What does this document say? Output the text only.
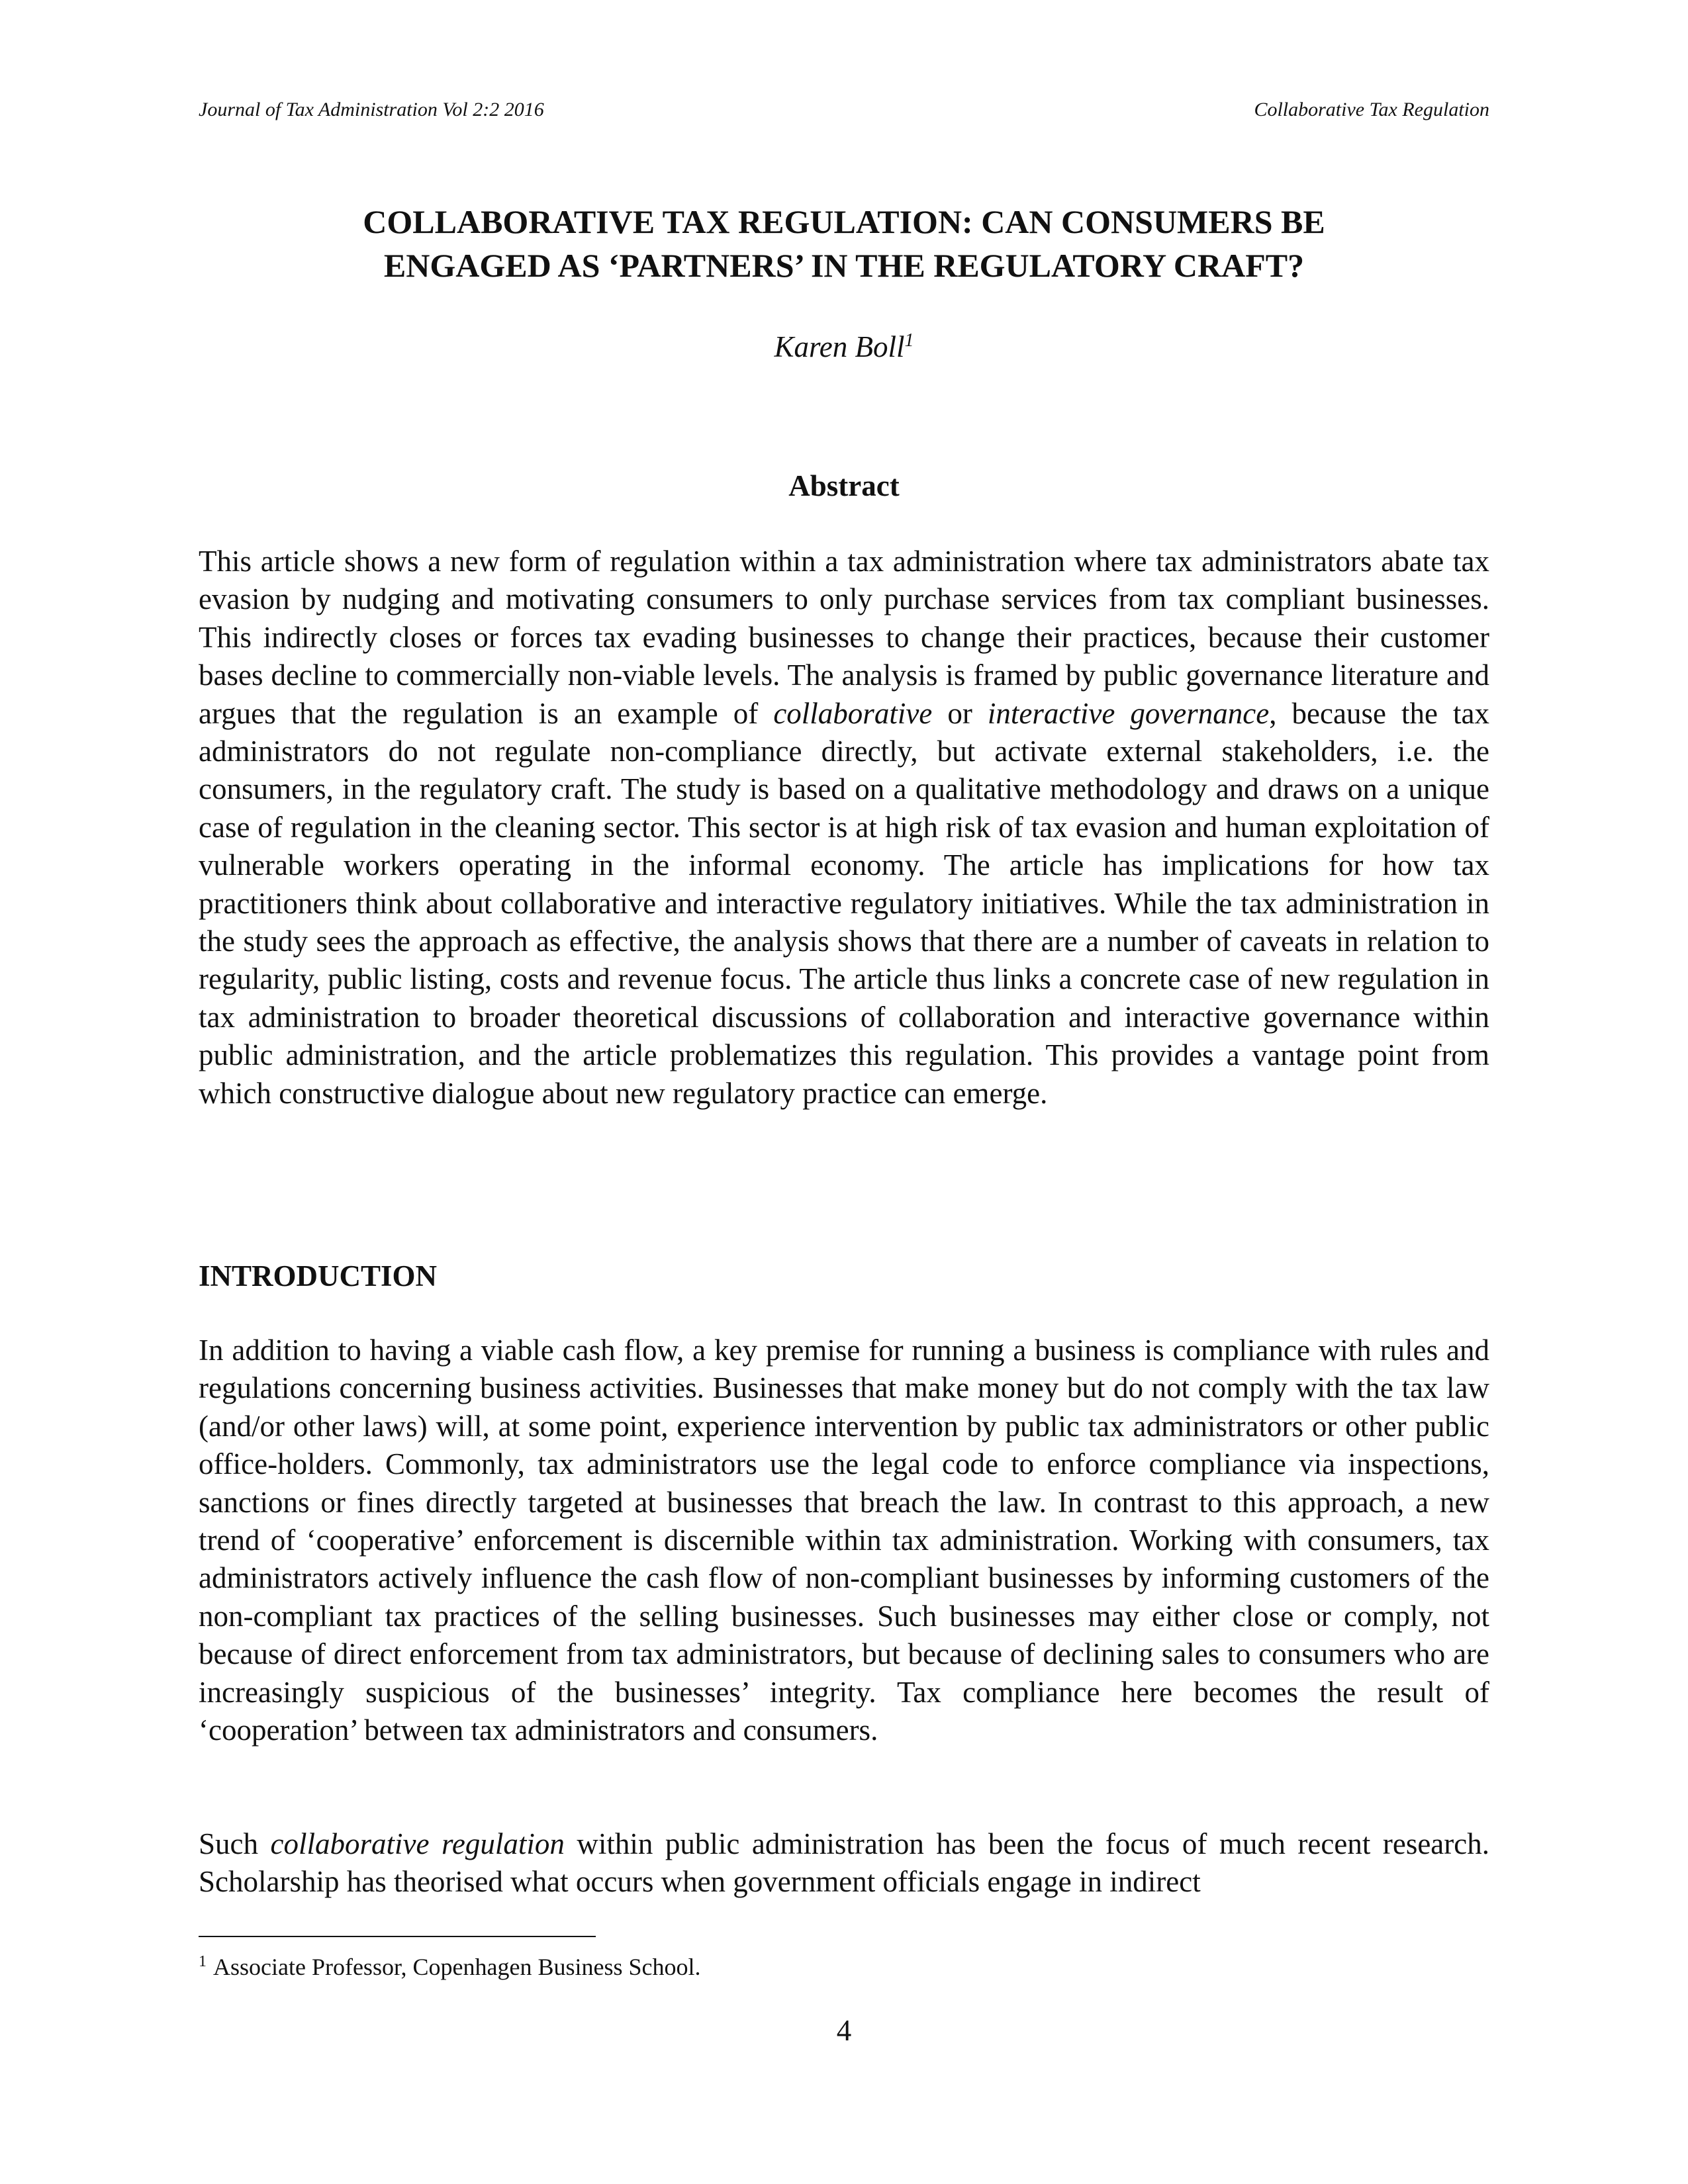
Journal of Tax Administration Vol 2:2 2016	Collaborative Tax Regulation
COLLABORATIVE TAX REGULATION: CAN CONSUMERS BE
ENGAGED AS ‘PARTNERS’ IN THE REGULATORY CRAFT?
Karen Boll$^1$
Abstract

This article shows a new form of regulation within a tax administration where tax administrators abate tax evasion by nudging and motivating consumers to only purchase services from tax compliant businesses. This indirectly closes or forces tax evading businesses to change their practices, because their customer bases decline to commercially non-viable levels. The analysis is framed by public governance literature and argues that the regulation is an example of collaborative or interactive governance, because the tax administrators do not regulate non-compliance directly, but activate external stakeholders, i.e. the consumers, in the regulatory craft. The study is based on a qualitative methodology and draws on a unique case of regulation in the cleaning sector. This sector is at high risk of tax evasion and human exploitation of vulnerable workers operating in the informal economy. The article has implications for how tax practitioners think about collaborative and interactive regulatory initiatives. While the tax administration in the study sees the approach as effective, the analysis shows that there are a number of caveats in relation to regularity, public listing, costs and revenue focus. The article thus links a concrete case of new regulation in tax administration to broader theoretical discussions of collaboration and interactive governance within public administration, and the article problematizes this regulation. This provides a vantage point from which constructive dialogue about new regulatory practice can emerge.

INTRODUCTION

In addition to having a viable cash flow, a key premise for running a business is compliance with rules and regulations concerning business activities. Businesses that make money but do not comply with the tax law (and/or other laws) will, at some point, experience intervention by public tax administrators or other public office-holders. Commonly, tax administrators use the legal code to enforce compliance via inspections, sanctions or fines directly targeted at businesses that breach the law. In contrast to this approach, a new trend of ‘cooperative’ enforcement is discernible within tax administration. Working with consumers, tax administrators actively influence the cash flow of non-compliant businesses by informing customers of the non-compliant tax practices of the selling businesses. Such businesses may either close or comply, not because of direct enforcement from tax administrators, but because of declining sales to consumers who are increasingly suspicious of the businesses’ integrity. Tax compliance here becomes the result of ‘cooperation’ between tax administrators and consumers.

Such collaborative regulation within public administration has been the focus of much recent research. Scholarship has theorised what occurs when government officials engage in indirect

$^1$ Associate Professor, Copenhagen Business School.
4
